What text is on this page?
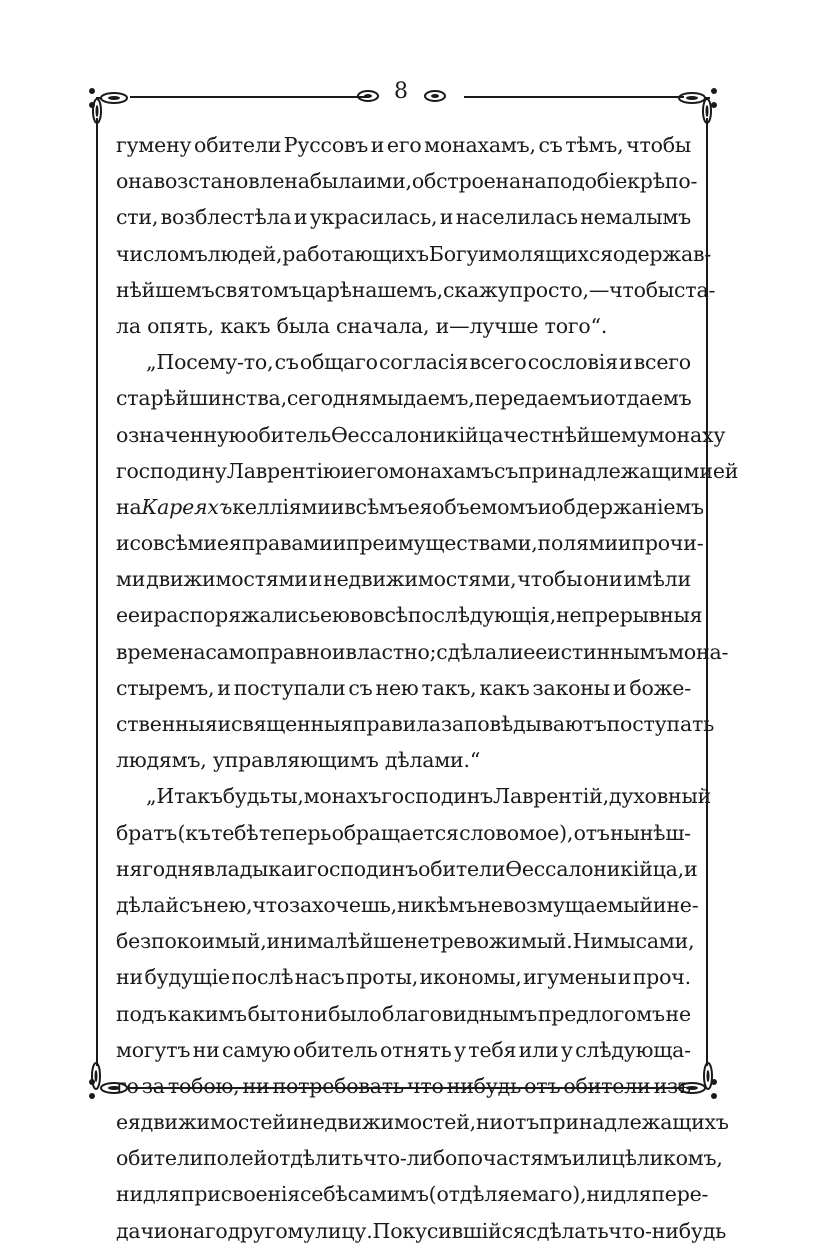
8
гумену обители Руссовъ и его монахамъ, съ тѣмъ, чтобы
она возстановлена была ими, обстроена на подобіе крѣпо-
сти, возблестѣла и украсилась, и населилась немалымъ
числомъ людей, работающихъ Богу и молящихся о держав-
нѣйшемъ святомъ царѣ нашемъ, скажу просто,—чтобы ста-
ла опять, какъ была сначала, и—лучше того“.
„Посему-то, съ общаго согласія всего сословія и всего
старѣйшинства, сегодня мы даемъ, передаемъ и отдаемъ
означенную обитель Ѳессалоникійца честнѣйшему монаху
господину Лаврентію и его монахамъ съ принадлежащими ей
на Кареяхъ келліями и всѣмъ ея объемомъ и обдержаніемъ
и со всѣми ея правами и преимуществами, полями и прочи-
ми движимостями и недвижимостями, чтобы они имѣли
ее и распоряжались ею во всѣ послѣдующія ,непрерывныя
времена самоправно и властно; сдѣлали ее истиннымъ мона-
стыремъ, и поступали съ нею такъ, какъ законы и боже-
ственныя и священныя правила заповѣдываютъ поступать
людямъ, управляющимъ дѣлами.“
„Итакъ будь ты, монахъ господинъ Лаврентій, духовный
братъ (къ тебѣ теперь обращается слово мое), отъ нынѣш-
няго дня владыка и господинъ обители Ѳессалоникійца, и
дѣлай съ нею, что захочешь, никѣмъ невозмущаемый и не-
безпокоимый, и ни малѣйше нетревожимый. Ни мы сами,
ни будущіе послѣ насъ проты, икономы, игумены и проч.
подъ какимъ бы то ни было благовиднымъ предлогомъ не
могутъ ни самую обитель отнять у тебя или у слѣдующа-
го за тобою, ни потребовать что нибудь отъ обители изъ
ея движимостей и недвижимостей, ни отъ принадлежащихъ
обители полей отдѣлить что-либо по частямъ или цѣликомъ,
ни для присвоенія себѣ самимъ (отдѣляемаго), ни для пере-
дачи онаго другому лицу. Покусившійся сдѣлать что-нибудь
